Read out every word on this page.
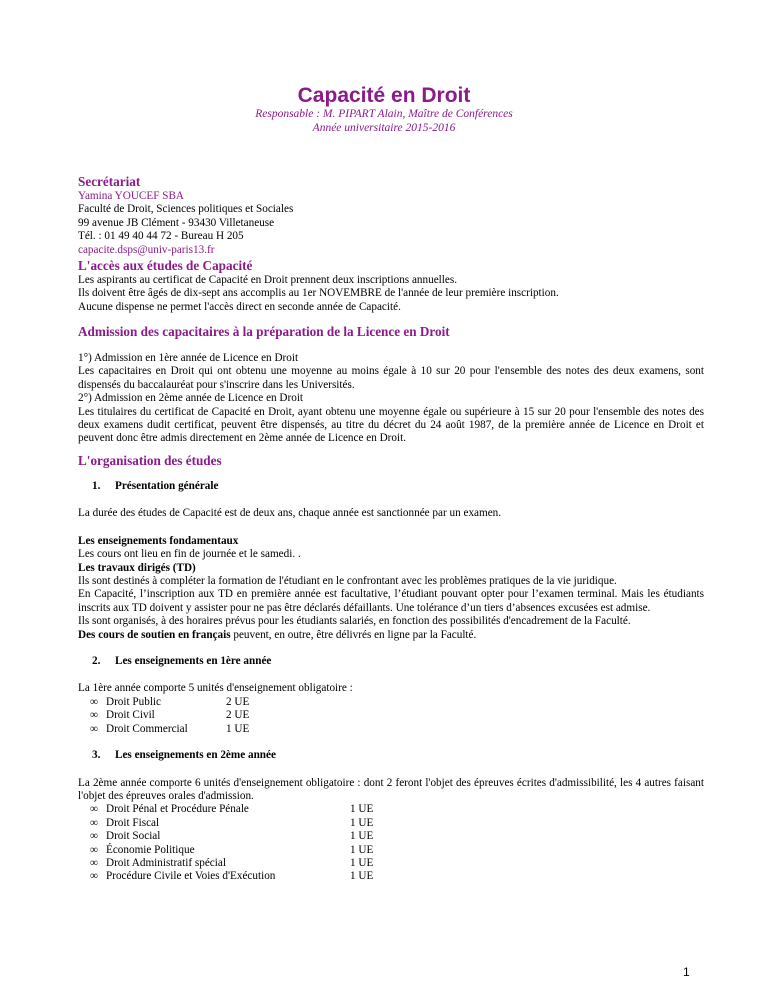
Capacité en Droit
Responsable : M. PIPART Alain, Maître de Conférences
Année universitaire 2015-2016
Secrétariat
Yamina YOUCEF SBA
Faculté de Droit, Sciences politiques et Sociales
99 avenue JB Clément - 93430 Villetaneuse
Tél. : 01 49 40 44 72 - Bureau H 205
capacite.dsps@univ-paris13.fr
L'accès aux études de Capacité
Les aspirants au certificat de Capacité en Droit prennent deux inscriptions annuelles.
Ils doivent être âgés de dix-sept ans accomplis au 1er NOVEMBRE de l'année de leur première inscription.
Aucune dispense ne permet l'accès direct en seconde année de Capacité.
Admission des capacitaires à la préparation de la Licence en Droit
1°) Admission en 1ère année de Licence en Droit
Les capacitaires en Droit qui ont obtenu une moyenne au moins égale à 10 sur 20 pour l'ensemble des notes des deux examens, sont dispensés du baccalauréat pour s'inscrire dans les Universités.
2°) Admission en 2ème année de Licence en Droit
Les titulaires du certificat de Capacité en Droit, ayant obtenu une moyenne égale ou supérieure à 15 sur 20 pour l'ensemble des notes des deux examens dudit certificat, peuvent être dispensés, au titre du décret du 24 août 1987, de la première année de Licence en Droit et peuvent donc être admis directement en 2ème année de Licence en Droit.
L'organisation des études
1. Présentation générale
La durée des études de Capacité est de deux ans, chaque année est sanctionnée par un examen.
Les enseignements fondamentaux
Les cours ont lieu en fin de journée et le samedi. .
Les travaux dirigés (TD)
Ils sont destinés à compléter la formation de l'étudiant en le confrontant avec les problèmes pratiques de la vie juridique.
En Capacité, l’inscription aux TD en première année est facultative, l’étudiant pouvant opter pour l’examen terminal. Mais les étudiants inscrits aux TD doivent y assister pour ne pas être déclarés défaillants. Une tolérance d’un tiers d’absences excusées est admise.
Ils sont organisés, à des horaires prévus pour les étudiants salariés, en fonction des possibilités d'encadrement de la Faculté.
Des cours de soutien en français peuvent, en outre, être délivrés en ligne par la Faculté.
2. Les enseignements en 1ère année
La 1ère année comporte 5 unités d'enseignement obligatoire :
∞ Droit Public	2 UE
∞ Droit Civil	2 UE
∞ Droit Commercial	1 UE
3. Les enseignements en 2ème année
La 2ème année comporte 6 unités d'enseignement obligatoire : dont 2 feront l'objet des épreuves écrites d'admissibilité, les 4 autres faisant l'objet des épreuves orales d'admission.
∞ Droit Pénal et Procédure Pénale	1 UE
∞ Droit Fiscal	1 UE
∞ Droit Social	1 UE
∞ Économie Politique	1 UE
∞ Droit Administratif spécial	1 UE
∞ Procédure Civile et Voies d'Exécution	1 UE
1
